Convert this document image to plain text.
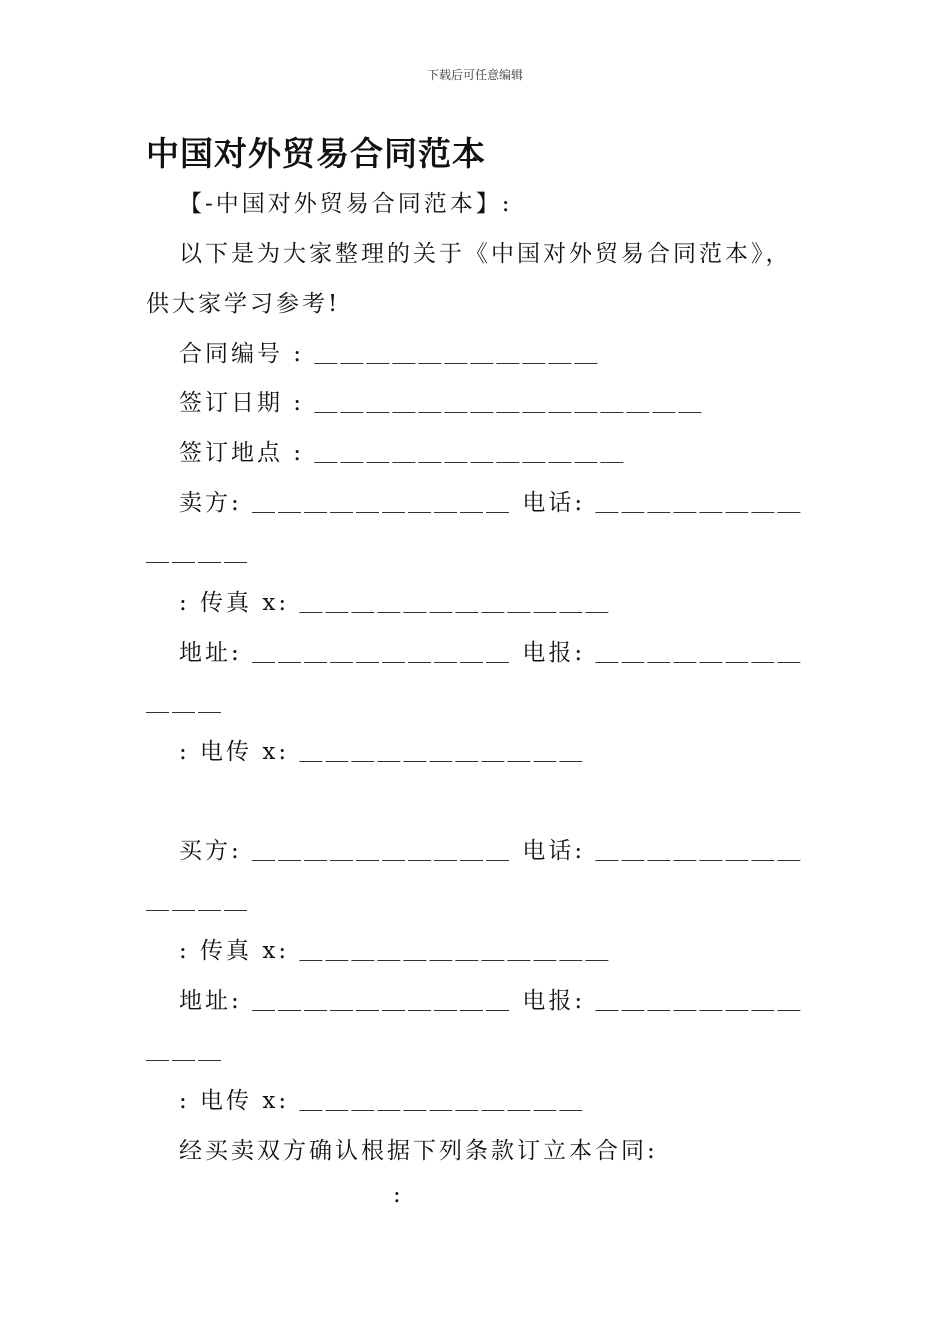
下载后可任意编辑
中国对外贸易合同范本
【-中国对外贸易合同范本】:
以下是为大家整理的关于《中国对外贸易合同范本》，
供大家学习参考!
合同编号 : ＿＿＿＿＿＿＿＿＿＿＿
签订日期 : ＿＿＿＿＿＿＿＿＿＿＿＿＿＿＿
签订地点 : ＿＿＿＿＿＿＿＿＿＿＿＿
卖方: ＿＿＿＿＿＿＿＿＿＿ 电话: ＿＿＿＿＿＿＿＿
＿＿＿＿
: 传真 x: ＿＿＿＿＿＿＿＿＿＿＿＿
地址: ＿＿＿＿＿＿＿＿＿＿ 电报: ＿＿＿＿＿＿＿＿
＿＿＿
: 电传 x: ＿＿＿＿＿＿＿＿＿＿＿
买方: ＿＿＿＿＿＿＿＿＿＿ 电话: ＿＿＿＿＿＿＿＿
＿＿＿＿
: 传真 x: ＿＿＿＿＿＿＿＿＿＿＿＿
地址: ＿＿＿＿＿＿＿＿＿＿ 电报: ＿＿＿＿＿＿＿＿
＿＿＿
: 电传 x: ＿＿＿＿＿＿＿＿＿＿＿
经买卖双方确认根据下列条款订立本合同:
:
